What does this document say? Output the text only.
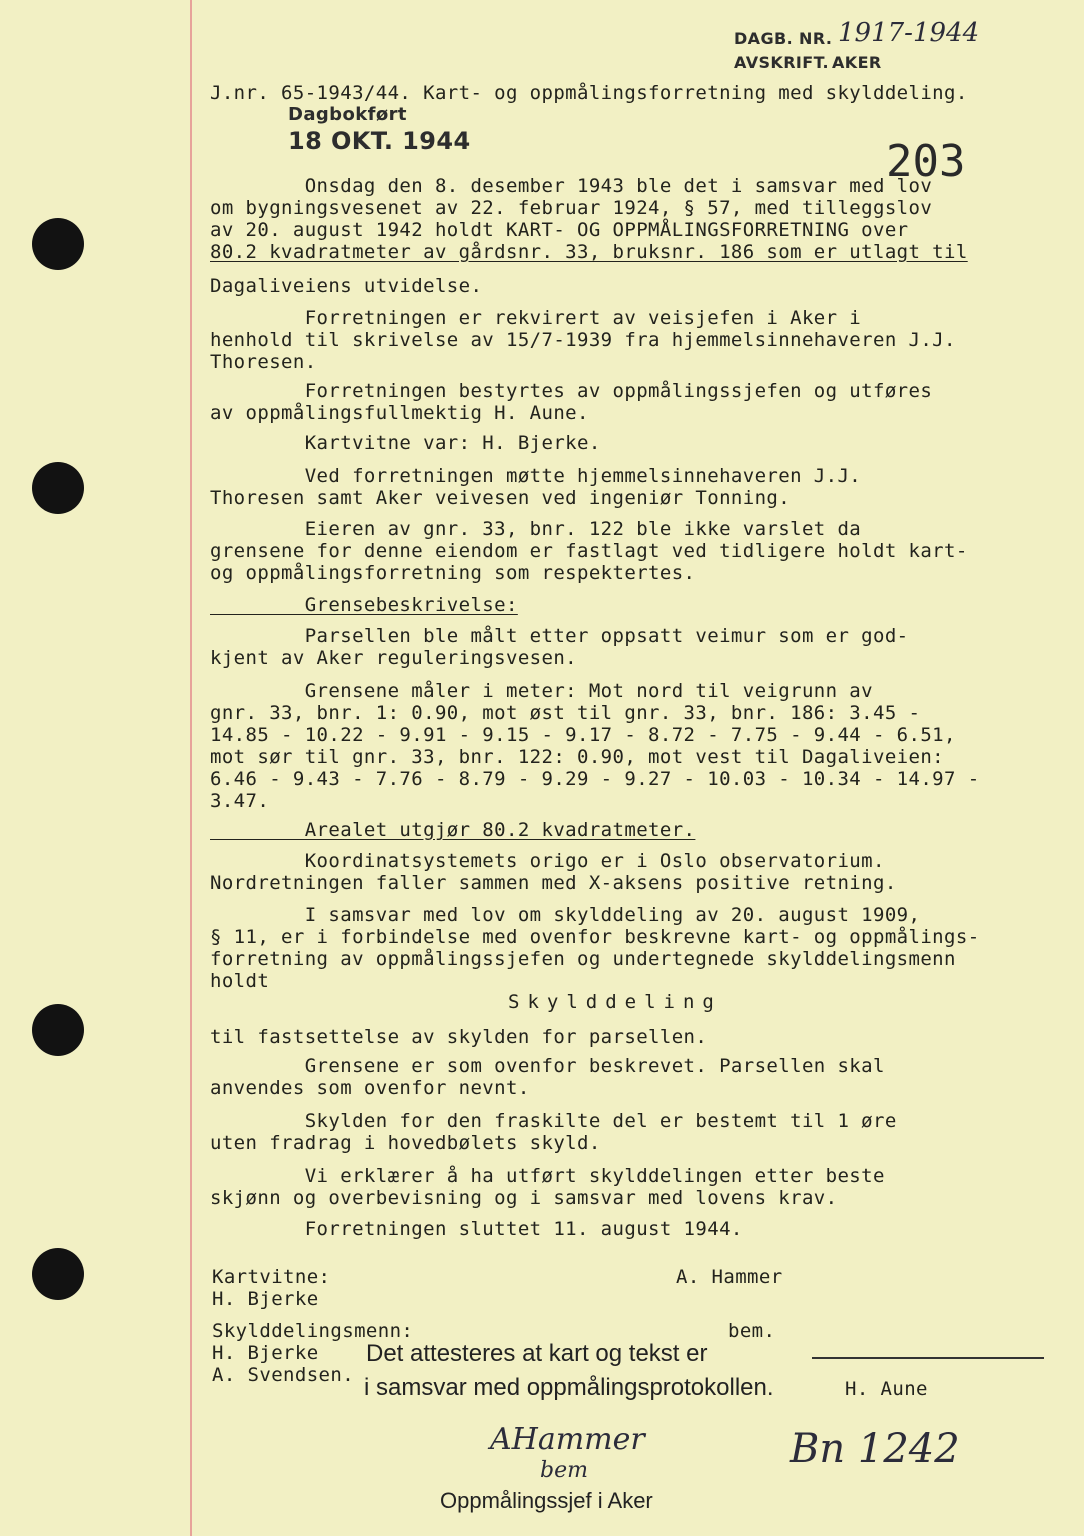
DAGB. NR. 1917-1944
AVSKRIFT. AKER
J.nr. 65-1943/44. Kart- og oppmålingsforretning med skylddeling.
Dagbokført
18 OKT. 1944	203
Onsdag den 8. desember 1943 ble det i samsvar med lov
om bygningsvesenet av 22. februar 1924, § 57, med tilleggslov
av 20. august 1942 holdt KART- OG OPPMÅLINGSFORRETNING over
80.2 kvadratmeter av gårdsnr. 33, bruksnr. 186 som er utlagt til
Dagaliveiens utvidelse.
Forretningen er rekvirert av veisjefen i Aker i
henhold til skrivelse av 15/7-1939 fra hjemmelsinnehaveren J.J.
Thoresen.
Forretningen bestyrtes av oppmålingssjefen og utføres
av oppmålingsfullmektig H. Aune.
Kartvitne var: H. Bjerke.
Ved forretningen møtte hjemmelsinnehaveren J.J.
Thoresen samt Aker veivesen ved ingeniør Tonning.
Eieren av gnr. 33, bnr. 122 ble ikke varslet da
grensene for denne eiendom er fastlagt ved tidligere holdt kart-
og oppmålingsforretning som respektertes.
Grensebeskrivelse:
Parsellen ble målt etter oppsatt veimur som er god-
kjent av Aker reguleringsvesen.
Grensene måler i meter: Mot nord til veigrunn av
gnr. 33, bnr. 1: 0.90, mot øst til gnr. 33, bnr. 186: 3.45 -
14.85 - 10.22 - 9.91 - 9.15 - 9.17 - 8.72 - 7.75 - 9.44 - 6.51,
mot sør til gnr. 33, bnr. 122: 0.90, mot vest til Dagaliveien:
6.46 - 9.43 - 7.76 - 8.79 - 9.29 - 9.27 - 10.03 - 10.34 - 14.97 -
3.47.
Arealet utgjør 80.2 kvadratmeter.
Koordinatsystemets origo er i Oslo observatorium.
Nordretningen faller sammen med X-aksens positive retning.
I samsvar med lov om skylddeling av 20. august 1909,
§ 11, er i forbindelse med ovenfor beskrevne kart- og oppmålings-
forretning av oppmålingssjefen og undertegnede skylddelingsmenn
holdt
Skylddeling
til fastsettelse av skylden for parsellen.
Grensene er som ovenfor beskrevet. Parsellen skal
anvendes som ovenfor nevnt.
Skylden for den fraskilte del er bestemt til 1 øre
uten fradrag i hovedbølets skyld.
Vi erklærer å ha utført skylddelingen etter beste
skjønn og overbevisning og i samsvar med lovens krav.
Forretningen sluttet 11. august 1944.
Kartvitne:
H. Bjerke
A. Hammer
Skylddelingsmenn:	bem.
H. Bjerke
A. Svendsen.
H. Aune
Det attesteres at kart og tekst er
i samsvar med oppmålingsprotokollen.
AHammer
bem	Bn 1242
Oppmålingssjef i Aker
